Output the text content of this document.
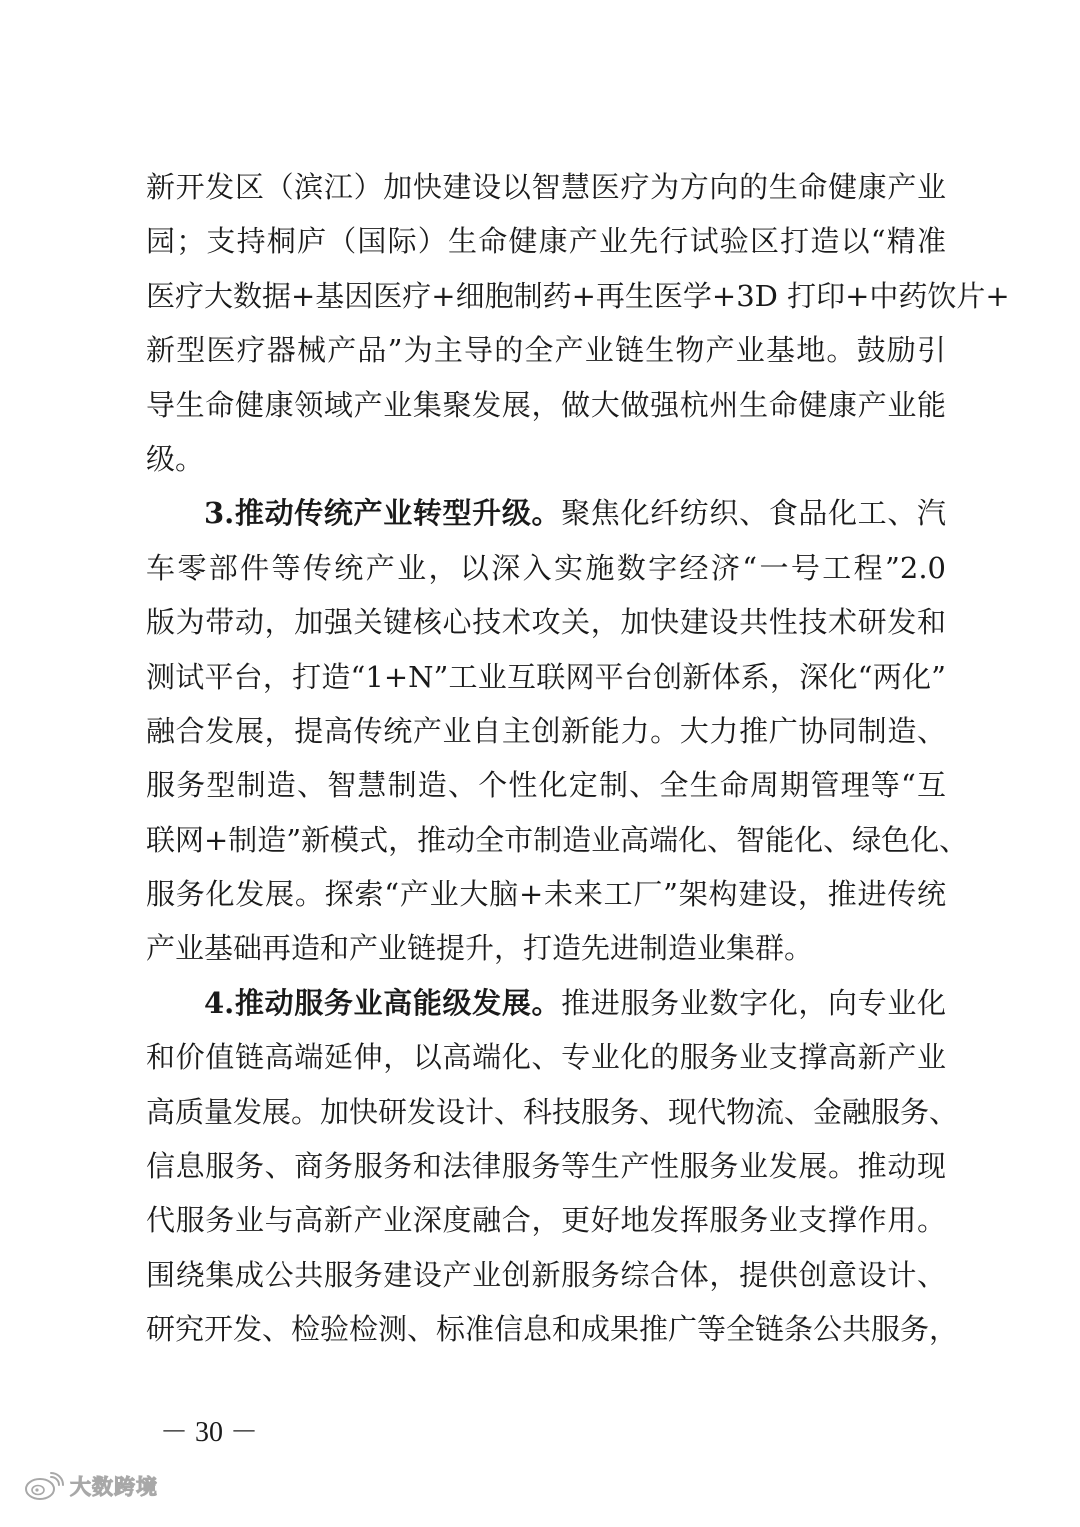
新开发区（滨江）加快建设以智慧医疗为方向的生命健康产业
园；支持桐庐（国际）生命健康产业先行试验区打造以“精准
医疗大数据+基因医疗+细胞制药+再生医学+3D 打印+中药饮片+
新型医疗器械产品”为主导的全产业链生物产业基地。鼓励引
导生命健康领域产业集聚发展，做大做强杭州生命健康产业能
级。
3.推动传统产业转型升级。聚焦化纤纺织、食品化工、汽
车零部件等传统产业，以深入实施数字经济“一号工程”2.0
版为带动，加强关键核心技术攻关，加快建设共性技术研发和
测试平台，打造“1+N”工业互联网平台创新体系，深化“两化”
融合发展，提高传统产业自主创新能力。大力推广协同制造、
服务型制造、智慧制造、个性化定制、全生命周期管理等“互
联网+制造”新模式，推动全市制造业高端化、智能化、绿色化、
服务化发展。探索“产业大脑+未来工厂”架构建设，推进传统
产业基础再造和产业链提升，打造先进制造业集群。
4.推动服务业高能级发展。推进服务业数字化，向专业化
和价值链高端延伸，以高端化、专业化的服务业支撑高新产业
高质量发展。加快研发设计、科技服务、现代物流、金融服务、
信息服务、商务服务和法律服务等生产性服务业发展。推动现
代服务业与高新产业深度融合，更好地发挥服务业支撑作用。
围绕集成公共服务建设产业创新服务综合体，提供创意设计、
研究开发、检验检测、标准信息和成果推广等全链条公共服务，
－ 30 －
大数跨境
